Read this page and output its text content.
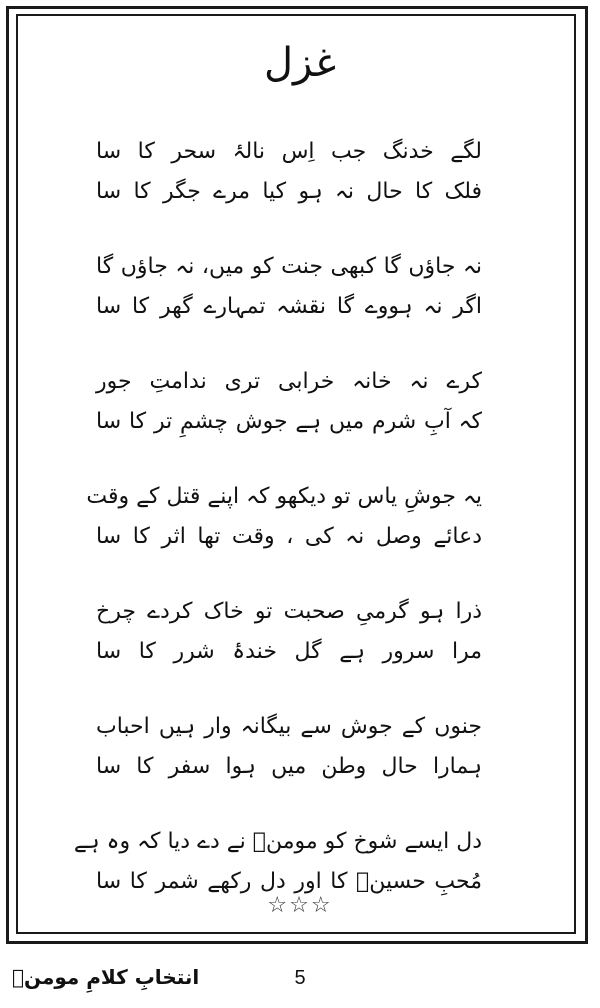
غزل
لگے خدنگ جب اِس نالۂ سحر کا سا
فلک کا حال نہ ہو کیا مرے جگر کا سا
نہ جاؤں گا کبھی جنت کو میں، نہ جاؤں گا
اگر نہ ہووے گا نقشہ تمہارے گھر کا سا
کرے نہ خانہ خرابی تری ندامتِ جور
کہ آبِ شرم میں ہے جوش چشمِ تر کا سا
یہ جوشِ یاس تو دیکھو کہ اپنے قتل کے وقت
دعائے وصل نہ کی ، وقت تھا اثر کا سا
ذرا ہو گرمیِ صحبت تو خاک کردے چرخ
مرا سرور ہے گل خندۂ شرر کا سا
جنوں کے جوش سے بیگانہ وار ہیں احباب
ہمارا حال وطن میں ہوا سفر کا سا
دل ایسے شوخ کو مومنؔ نے دے دیا کہ وہ ہے
مُحبِ حسینؓ کا اور دل رکھے شمر کا سا
☆☆☆
5
انتخابِ کلامِ مومنؔ
